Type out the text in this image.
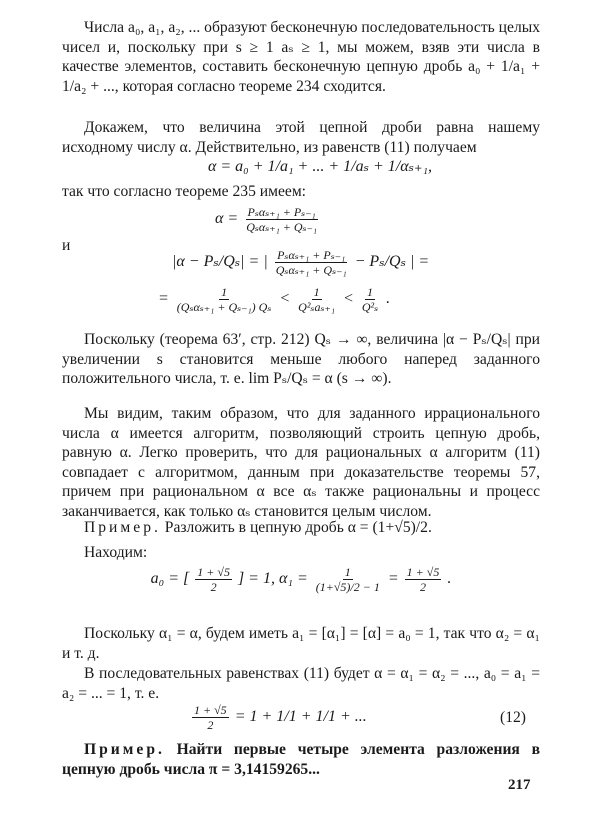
Числа a₀, a₁, a₂, ... образуют бесконечную последовательность целых чисел и, поскольку при s ≥ 1 aₛ ≥ 1, мы можем, взяв эти числа в качестве элементов, составить бесконечную цепную дробь a₀ + 1/a₁ + 1/a₂ + ..., которая согласно теореме 234 сходится.
Докажем, что величина этой цепной дроби равна нашему исходному числу α. Действительно, из равенств (11) получаем
α = a₀ + 1/a₁ + ... + 1/aₛ + 1/αₛ₊₁,
так что согласно теореме 235 имеем:
$\alpha = \frac{\text{Pₛαₛ₊₁ + Pₛ₋₁}}{\text{Qₛαₛ₊₁ + Qₛ₋₁}}$
и
|α − Pₛ/Qₛ| = | $\frac{\text{Pₛαₛ₊₁ + Pₛ₋₁}}{\text{Qₛαₛ₊₁ + Qₛ₋₁}} - P_s/Q_s$ | =
= $\frac{1}{\text{(Qₛαₛ₊₁ + Qₛ₋₁) Qₛ}} < \frac{1}{\text{Q²ₛaₛ₊₁}} < \frac{1}{\text{Q²ₛ}}$ .
Поскольку (теорема 63′, стр. 212) Qₛ → ∞, величина |α − Pₛ/Qₛ| при увеличении s становится меньше любого наперед заданного положительного числа, т. е. lim Pₛ/Qₛ = α (s → ∞).
Мы видим, таким образом, что для заданного иррационального числа α имеется алгоритм, позволяющий строить цепную дробь, равную α. Легко проверить, что для рациональных α алгоритм (11) совпадает с алгоритмом, данным при доказательстве теоремы 57, причем при рациональном α все αₛ также рациональны и процесс заканчивается, как только αₛ становится целым числом.
Пример. Разложить в цепную дробь α = (1+√5)/2.
Находим:
a₀ = [ $\frac{1 + √5}{2}$ ] = 1, $\alpha_1 = \frac{1}{(1+√5)/2 - 1} = \frac{1 + √5}{2}$ .
Поскольку α₁ = α, будем иметь a₁ = [α₁] = [α] = a₀ = 1, так что α₂ = α₁ и т. д.
В последовательных равенствах (11) будет α = α₁ = α₂ = ..., a₀ = a₁ = a₂ = ... = 1, т. е.
$\frac{1 + √5}{2} = 1 + 1/1 + 1/1$ + ...	(12)
Пример. Найти первые четыре элемента разложения в цепную дробь числа π = 3,14159265...
217
